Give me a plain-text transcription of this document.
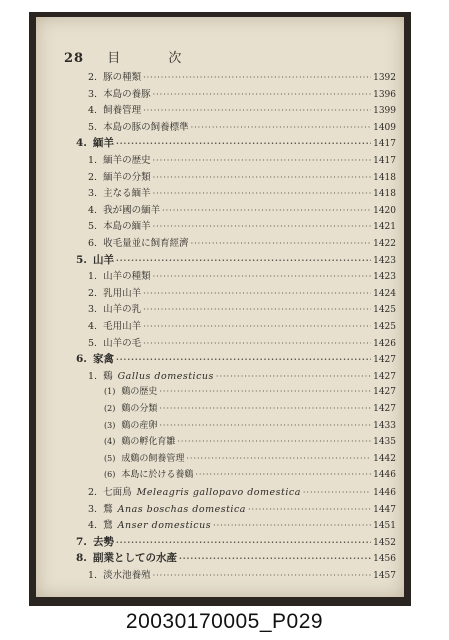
28 目 次
2. 豚の種類 ·····	1392
3. 本島の養豚 ·····	1396
4. 飼養管理 ·····	1399
5. 本島の豚の飼養標準 ·····	1409
4. 緬羊 ·····	1417
1. 緬羊の歴史 ·····	1417
2. 緬羊の分類 ·····	1418
3. 主なる緬羊 ·····	1418
4. 我が國の緬羊 ·····	1420
5. 本島の緬羊 ·····	1421
6. 收毛量並に飼育經濟 ·····	1422
5. 山羊 ·····	1423
1. 山羊の種類 ·····	1423
2. 乳用山羊 ·····	1424
3. 山羊の乳 ·····	1425
4. 毛用山羊 ·····	1425
5. 山羊の毛 ·····	1426
6. 家禽 ·····	1427
1. 鷄 Gallus domesticus ·····	1427
(1) 鷄の歴史 ·····	1427
(2) 鷄の分類 ·····	1427
(3) 鷄の産卵 ·····	1433
(4) 鷄の孵化育雛 ·····	1435
(5) 成鷄の飼養管理 ·····	1442
(6) 本島に於ける養鷄 ·····	1446
2. 七面鳥 Meleagris gallopavo domestica ·····	1446
3. 鶩 Anas boschas domestica ·····	1447
4. 鵞 Anser domesticus ·····	1451
7. 去勢 ·····	1452
8. 副業としての水產 ·····	1456
1. 淡水池養殖 ·····	1457
20030170005_P029
